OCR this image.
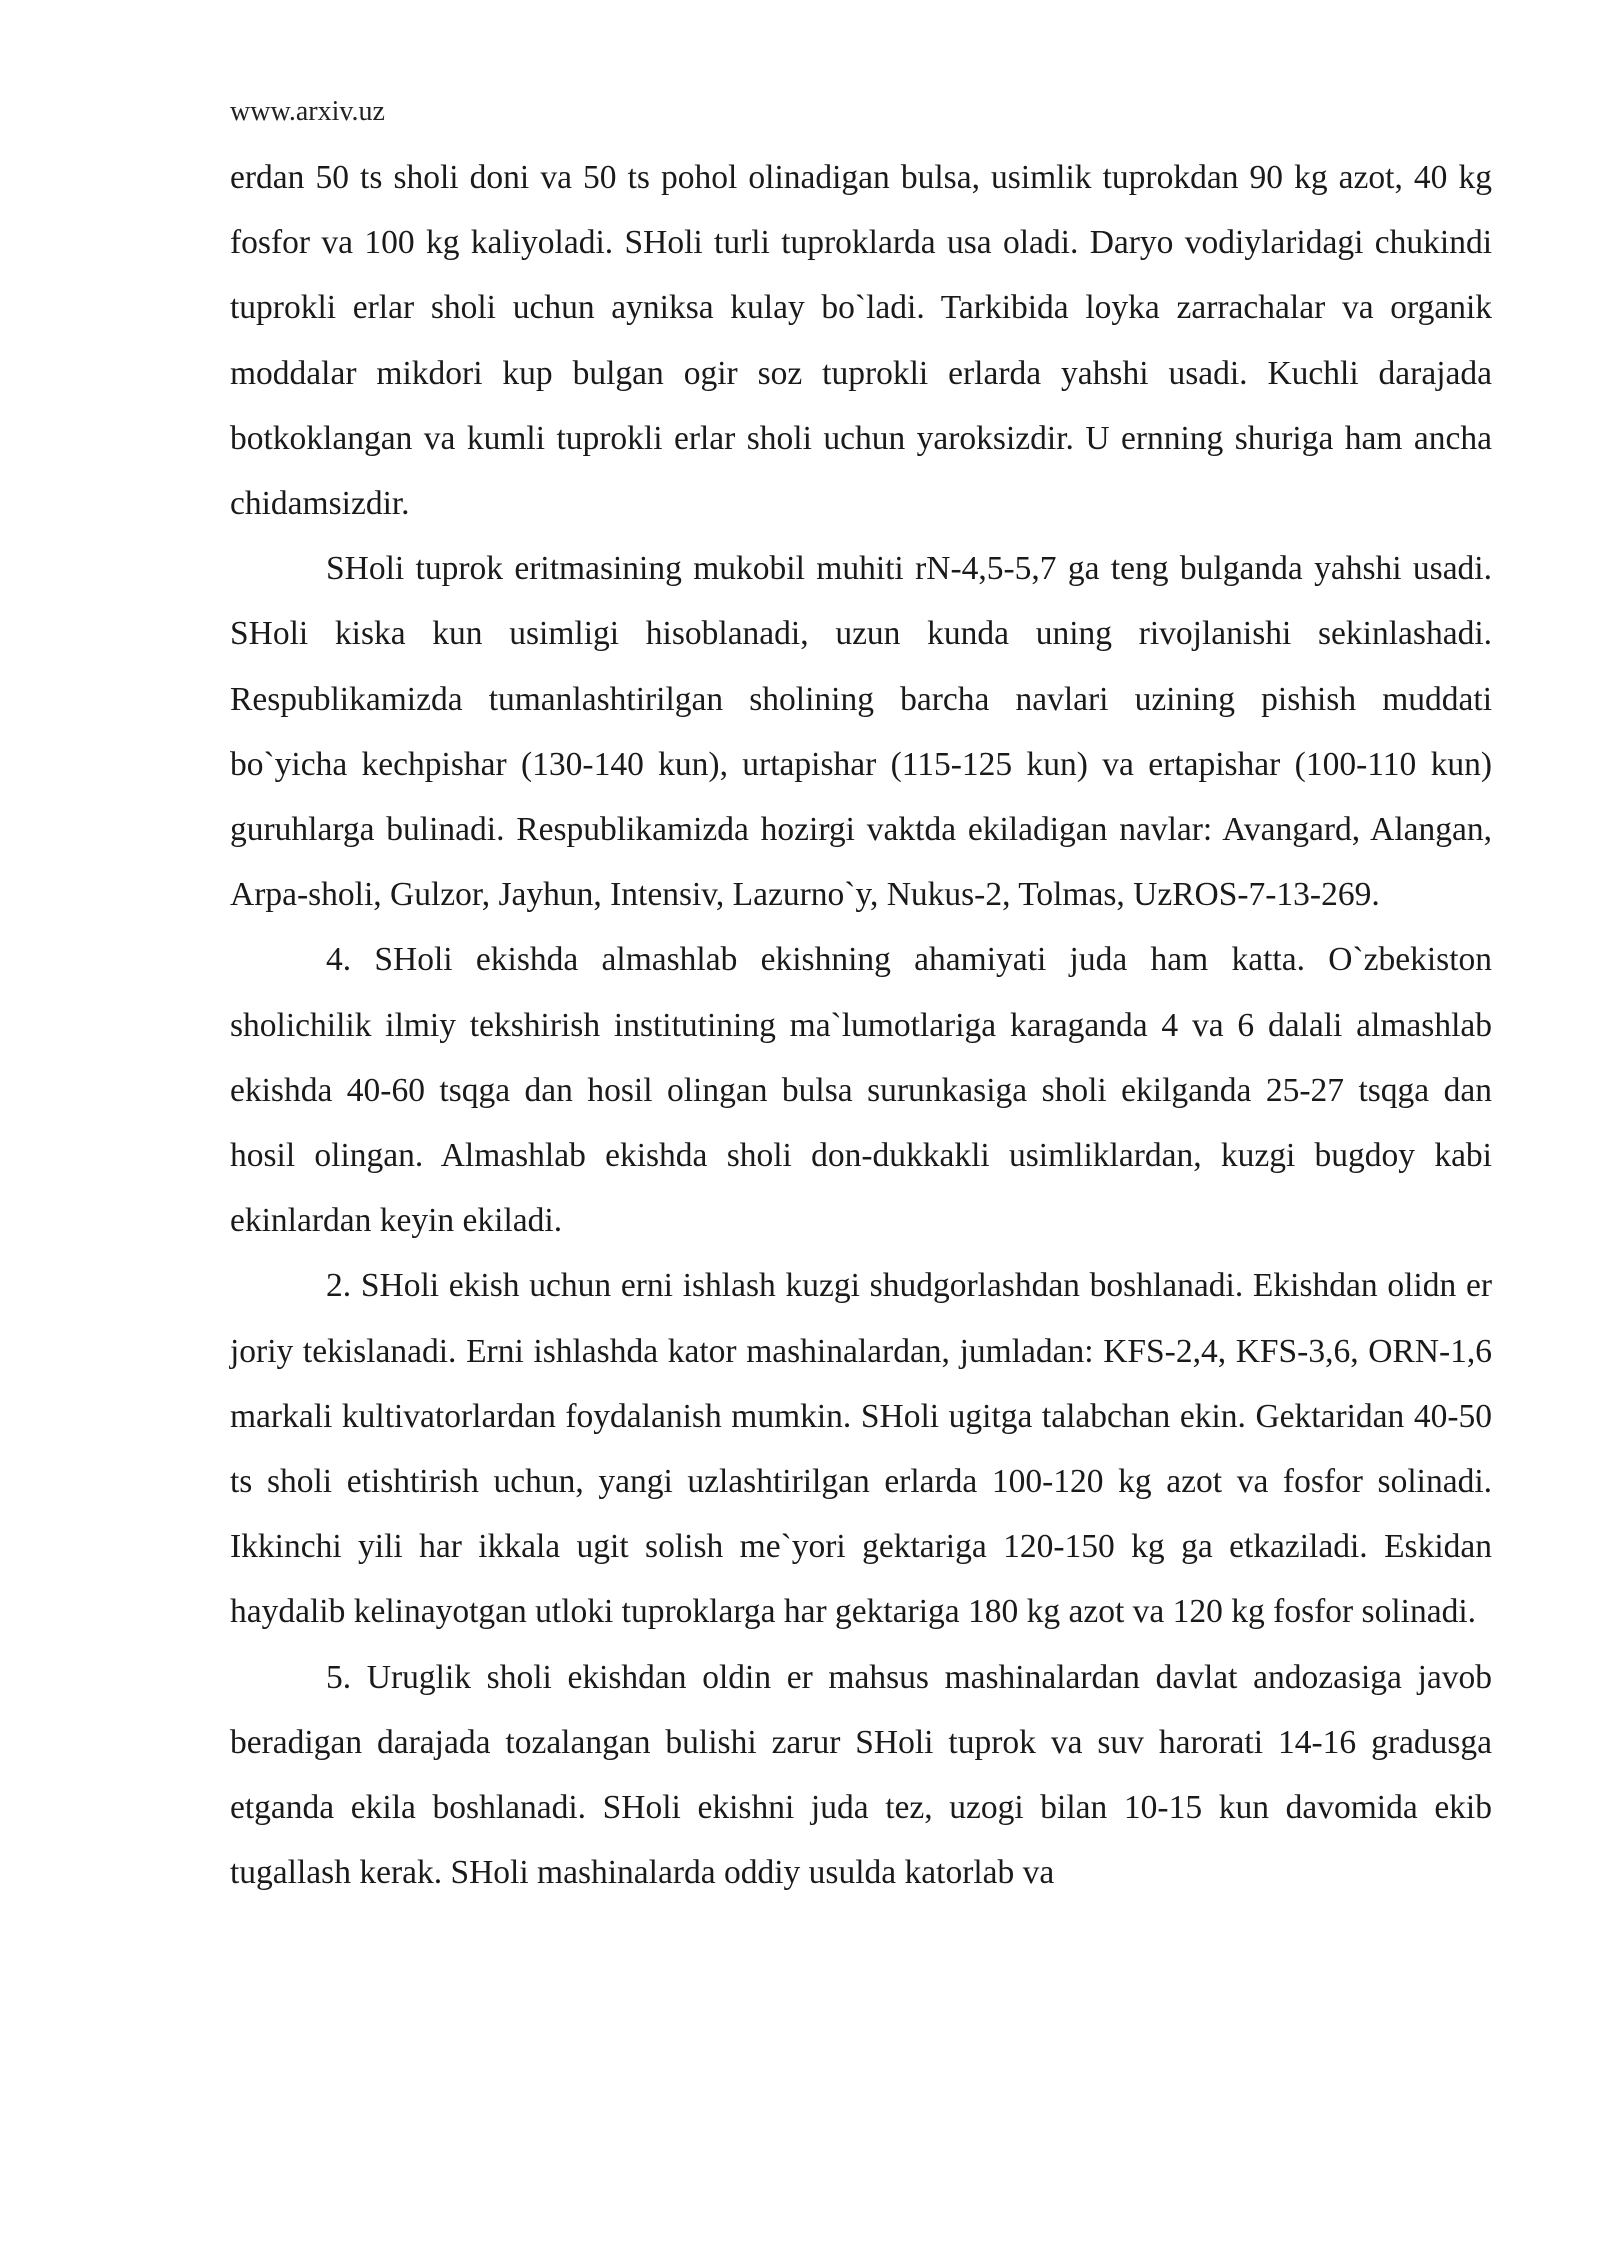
www.arxiv.uz

erdan 50 ts sholi doni va 50 ts pohol olinadigan bulsa, usimlik tuprokdan 90 kg azot, 40 kg fosfor va 100 kg kaliyoladi. SHoli turli tuproklarda usa oladi. Daryo vodiylaridagi chukindi tuprokli erlar sholi uchun ayniksa kulay bo`ladi. Tarkibida loyka zarrachalar va organik moddalar mikdori kup bulgan ogir soz tuprokli erlarda yahshi usadi. Kuchli darajada botkoklangan va kumli tuprokli erlar sholi uchun yaroksizdir. U ernning shuriga ham ancha chidamsizdir.

SHoli tuprok eritmasining mukobil muhiti rN-4,5-5,7 ga teng bulganda yahshi usadi. SHoli kiska kun usimligi hisoblanadi, uzun kunda uning rivojlanishi sekinlashadi. Respublikamizda tumanlashtirilgan sholining barcha navlari uzining pishish muddati bo`yicha kechpishar (130-140 kun), urtapishar (115-125 kun) va ertapishar (100-110 kun) guruhlarga bulinadi. Respublikamizda hozirgi vaktda ekiladigan navlar: Avangard, Alangan, Arpa-sholi, Gulzor, Jayhun, Intensiv, Lazurno`y, Nukus-2, Tolmas, UzROS-7-13-269.

4. SHoli ekishda almashlab ekishning ahamiyati juda ham katta. O`zbekiston sholichilik ilmiy tekshirish institutining ma`lumotlariga karaganda 4 va 6 dalali almashlab ekishda 40-60 tsqga dan hosil olingan bulsa surunkasiga sholi ekilganda 25-27 tsqga dan hosil olingan. Almashlab ekishda sholi don-dukkakli usimliklardan, kuzgi bugdoy kabi ekinlardan keyin ekiladi.

2. SHoli ekish uchun erni ishlash kuzgi shudgorlashdan boshlanadi. Ekishdan olidn er joriy tekislanadi. Erni ishlashda kator mashinalardan, jumladan: KFS-2,4, KFS-3,6, ORN-1,6 markali kultivatorlardan foydalanish mumkin. SHoli ugitga talabchan ekin. Gektaridan 40-50 ts sholi etishtirish uchun, yangi uzlashtirilgan erlarda 100-120 kg azot va fosfor solinadi. Ikkinchi yili har ikkala ugit solish me`yori gektariga 120-150 kg ga etkaziladi. Eskidan haydalib kelinayotgan utloki tuproklarga har gektariga 180 kg azot va 120 kg fosfor solinadi.

5. Uruglik sholi ekishdan oldin er mahsus mashinalardan davlat andozasiga javob beradigan darajada tozalangan bulishi zarur SHoli tuprok va suv harorati 14-16 gradusga etganda ekila boshlanadi. SHoli ekishni juda tez, uzogi bilan 10-15 kun davomida ekib tugallash kerak. SHoli mashinalarda oddiy usulda katorlab va
